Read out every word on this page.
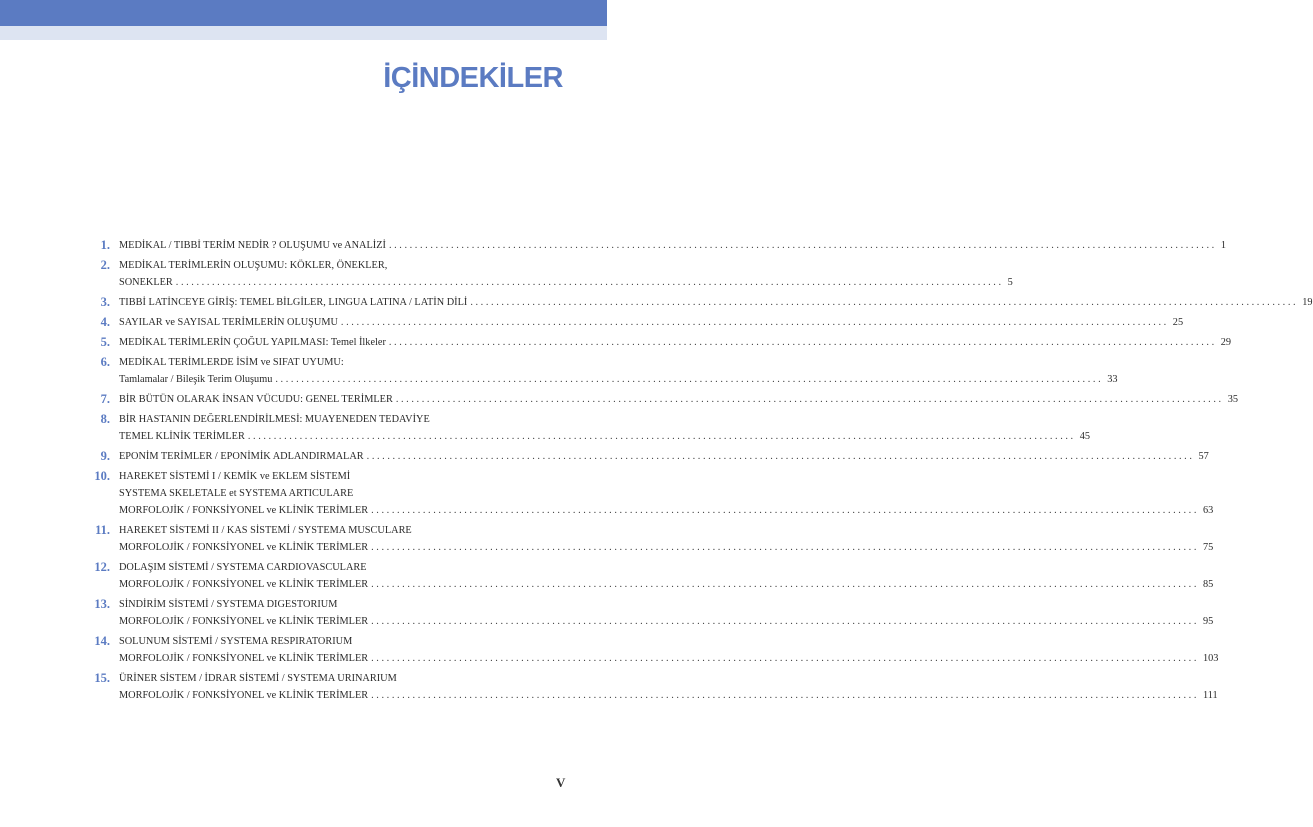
İÇİNDEKİLER
1. MEDİKAL / TIBBİ TERİM NEDİR ? OLUŞUMU ve ANALİZİ ................................................................................................................................................................ 1
2. MEDİKAL TERİMLERİN OLUŞUMU: KÖKLER, ÖNEKLER,
SONEKLER ................................................................................................................................................................ 5
3. TIBBİ LATİNCEYE GİRİŞ: TEMEL BİLGİLER, LINGUA LATINA / LATİN DİLİ ................................................................................................................................................................ 19
4. SAYILAR ve SAYISAL TERİMLERİN OLUŞUMU ................................................................................................................................................................ 25
5. MEDİKAL TERİMLERİN ÇOĞUL YAPILMASI: Temel İlkeler ................................................................................................................................................................ 29
6. MEDİKAL TERİMLERDE İSİM ve SIFAT UYUMU:
Tamlamalar / Bileşik Terim Oluşumu ................................................................................................................................................................ 33
7. BİR BÜTÜN OLARAK İNSAN VÜCUDU: GENEL TERİMLER ................................................................................................................................................................ 35
8. BİR HASTANIN DEĞERLENDİRİLMESİ: MUAYENEDEN TEDAVİYE
TEMEL KLİNİK TERİMLER ................................................................................................................................................................ 45
9. EPONİM TERİMLER / EPONİMİK ADLANDIRMALAR ................................................................................................................................................................ 57
10. HAREKET SİSTEMİ I / KEMİK ve EKLEM SİSTEMİ
SYSTEMA SKELETALE et SYSTEMA ARTICULARE
MORFOLOJİK / FONKSİYONEL ve KLİNİK TERİMLER ................................................................................................................................................................ 63
11. HAREKET SİSTEMİ II / KAS SİSTEMİ / SYSTEMA MUSCULARE
MORFOLOJİK / FONKSİYONEL ve KLİNİK TERİMLER ................................................................................................................................................................ 75
12. DOLAŞIM SİSTEMİ / SYSTEMA CARDIOVASCULARE
MORFOLOJİK / FONKSİYONEL ve KLİNİK TERİMLER ................................................................................................................................................................ 85
13. SİNDİRİM SİSTEMİ / SYSTEMA DIGESTORIUM
MORFOLOJİK / FONKSİYONEL ve KLİNİK TERİMLER ................................................................................................................................................................ 95
14. SOLUNUM SİSTEMİ / SYSTEMA RESPIRATORIUM
MORFOLOJİK / FONKSİYONEL ve KLİNİK TERİMLER ................................................................................................................................................................ 103
15. ÜRİNER SİSTEM / İDRAR SİSTEMİ / SYSTEMA URINARIUM
MORFOLOJİK / FONKSİYONEL ve KLİNİK TERİMLER ................................................................................................................................................................ 111
V
